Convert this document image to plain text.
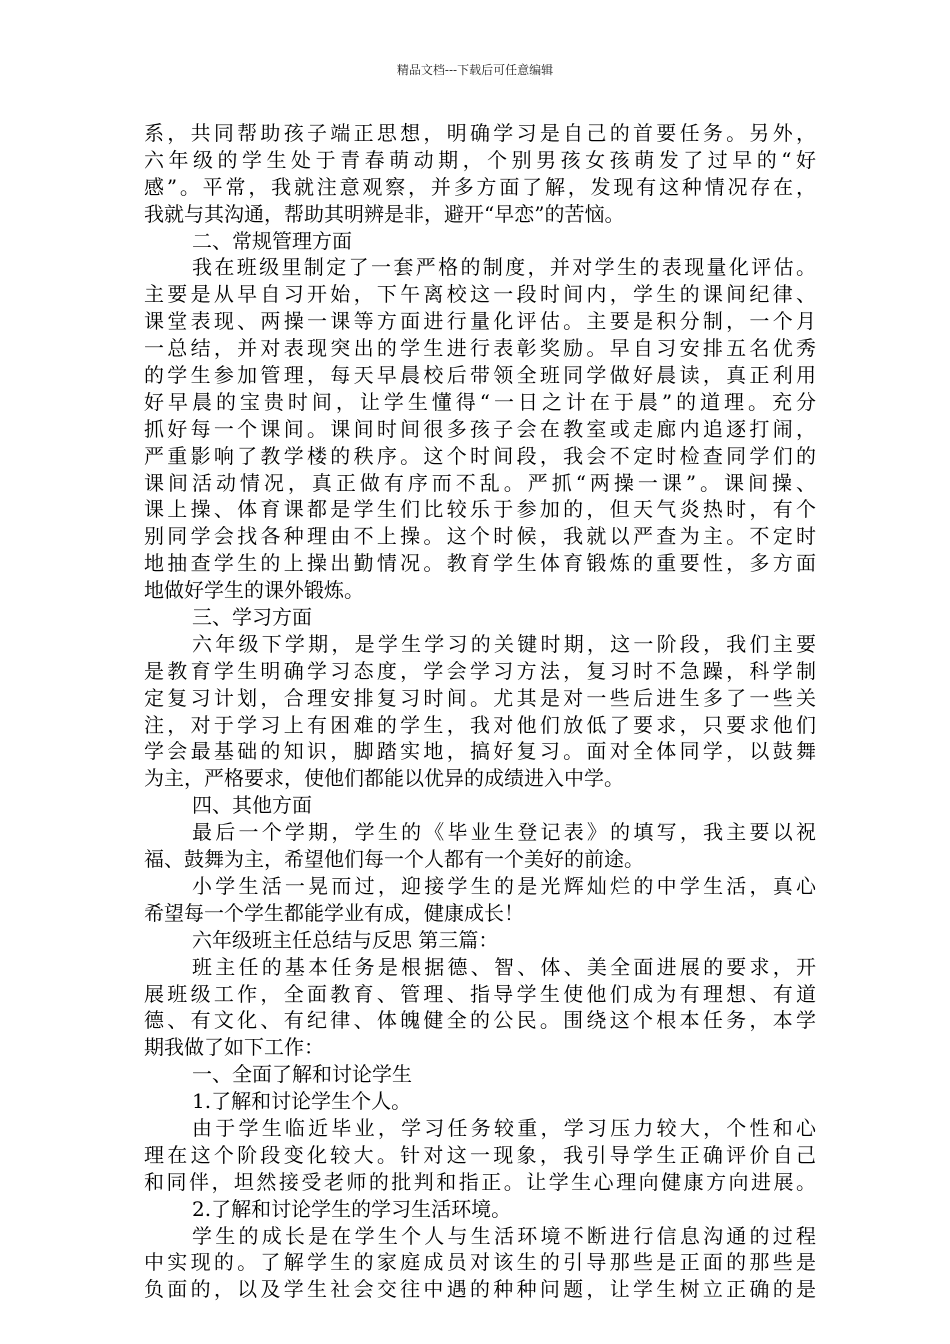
精品文档---下载后可任意编辑
系，共同帮助孩子端正思想，明确学习是自己的首要任务。另外，
六年级的学生处于青春萌动期，个别男孩女孩萌发了过早的“好
感”。平常，我就注意观察，并多方面了解，发现有这种情况存在，
我就与其沟通，帮助其明辨是非，避开“早恋”的苦恼。
二、常规管理方面
我在班级里制定了一套严格的制度，并对学生的表现量化评估。
主要是从早自习开始，下午离校这一段时间内，学生的课间纪律、
课堂表现、两操一课等方面进行量化评估。主要是积分制，一个月
一总结，并对表现突出的学生进行表彰奖励。早自习安排五名优秀
的学生参加管理，每天早晨校后带领全班同学做好晨读，真正利用
好早晨的宝贵时间，让学生懂得“一日之计在于晨”的道理。充分
抓好每一个课间。课间时间很多孩子会在教室或走廊内追逐打闹，
严重影响了教学楼的秩序。这个时间段，我会不定时检查同学们的
课间活动情况，真正做有序而不乱。严抓“两操一课”。课间操、
课上操、体育课都是学生们比较乐于参加的，但天气炎热时，有个
别同学会找各种理由不上操。这个时候，我就以严查为主。不定时
地抽查学生的上操出勤情况。教育学生体育锻炼的重要性，多方面
地做好学生的课外锻炼。
三、学习方面
六年级下学期，是学生学习的关键时期，这一阶段，我们主要
是教育学生明确学习态度，学会学习方法，复习时不急躁，科学制
定复习计划，合理安排复习时间。尤其是对一些后进生多了一些关
注，对于学习上有困难的学生，我对他们放低了要求，只要求他们
学会最基础的知识，脚踏实地，搞好复习。面对全体同学，以鼓舞
为主，严格要求，使他们都能以优异的成绩进入中学。
四、其他方面
最后一个学期，学生的《毕业生登记表》的填写，我主要以祝
福、鼓舞为主，希望他们每一个人都有一个美好的前途。
小学生活一晃而过，迎接学生的是光辉灿烂的中学生活，真心
希望每一个学生都能学业有成，健康成长！
六年级班主任总结与反思 第三篇：
班主任的基本任务是根据德、智、体、美全面进展的要求，开
展班级工作，全面教育、管理、指导学生使他们成为有理想、有道
德、有文化、有纪律、体魄健全的公民。围绕这个根本任务，本学
期我做了如下工作：
一、全面了解和讨论学生
1.了解和讨论学生个人。
由于学生临近毕业，学习任务较重，学习压力较大，个性和心
理在这个阶段变化较大。针对这一现象，我引导学生正确评价自己
和同伴，坦然接受老师的批判和指正。让学生心理向健康方向进展。
2.了解和讨论学生的学习生活环境。
学生的成长是在学生个人与生活环境不断进行信息沟通的过程
中实现的。了解学生的家庭成员对该生的引导那些是正面的那些是
负面的，以及学生社会交往中遇的种种问题，让学生树立正确的是
